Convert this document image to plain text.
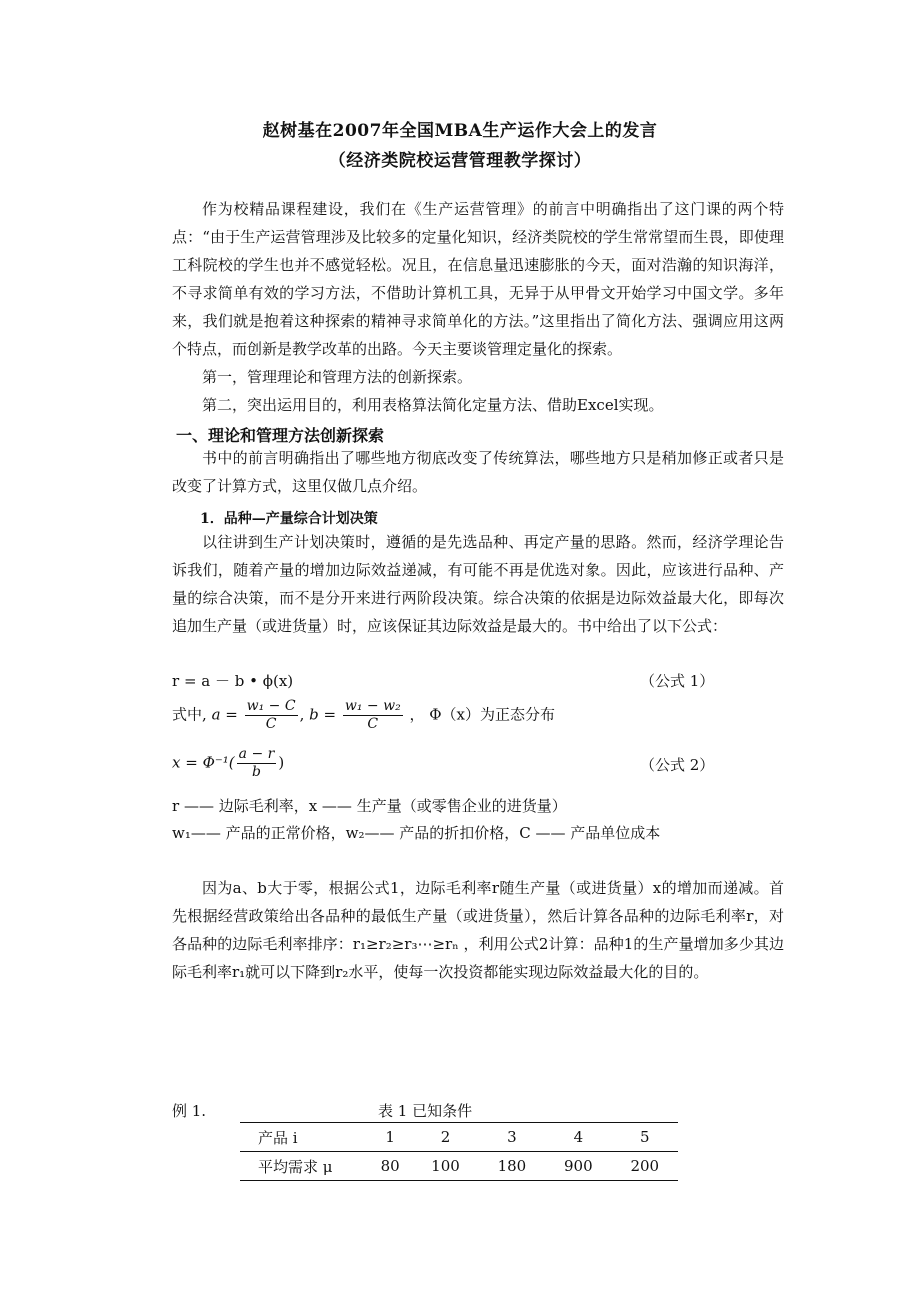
赵树基在2007年全国MBA生产运作大会上的发言
（经济类院校运营管理教学探讨）

作为校精品课程建设，我们在《生产运营管理》的前言中明确指出了这门课的两个特点：“由于生产运营管理涉及比较多的定量化知识，经济类院校的学生常常望而生畏，即使理工科院校的学生也并不感觉轻松。况且，在信息量迅速膨胀的今天，面对浩瀚的知识海洋，不寻求简单有效的学习方法，不借助计算机工具，无异于从甲骨文开始学习中国文学。多年来，我们就是抱着这种探索的精神寻求简单化的方法。”这里指出了简化方法、强调应用这两个特点，而创新是教学改革的出路。今天主要谈管理定量化的探索。

第一，管理理论和管理方法的创新探索。

第二，突出运用目的，利用表格算法简化定量方法、借助Excel实现。

一、理论和管理方法创新探索

书中的前言明确指出了哪些地方彻底改变了传统算法，哪些地方只是稍加修正或者只是改变了计算方式，这里仅做几点介绍。

1．品种—产量综合计划决策

以往讲到生产计划决策时，遵循的是先选品种、再定产量的思路。然而，经济学理论告诉我们，随着产量的增加边际效益递减，有可能不再是优选对象。因此，应该进行品种、产量的综合决策，而不是分开来进行两阶段决策。综合决策的依据是边际效益最大化，即每次追加生产量（或进货量）时，应该保证其边际效益是最大的。书中给出了以下公式：

r = a － b • ϕ(x)	（公式 1）
式中, $a = \frac{\text{w₁ − C}}{C}$ , $b = \frac{\text{w₁ − w₂}}{C}$ ， Φ（x）为正态分布
$x = \Phi^{-1}( \frac{a - r}{b}$ )	（公式 2）
r —— 边际毛利率，x —— 生产量（或零售企业的进货量）
w₁—— 产品的正常价格，w₂—— 产品的折扣价格，C —— 产品单位成本

因为a、b大于零，根据公式1，边际毛利率r随生产量（或进货量）x的增加而递减。首先根据经营政策给出各品种的最低生产量（或进货量），然后计算各品种的边际毛利率r，对各品种的边际毛利率排序：r₁≥r₂≥r₃⋯≥rₙ ，利用公式2计算：品种1的生产量增加多少其边际毛利率r₁就可以下降到r₂水平，使每一次投资都能实现边际效益最大化的目的。

例 1.	表 1 已知条件
产品 i	1	2	3	4	5
平均需求 μ	80	100	180	900	200
